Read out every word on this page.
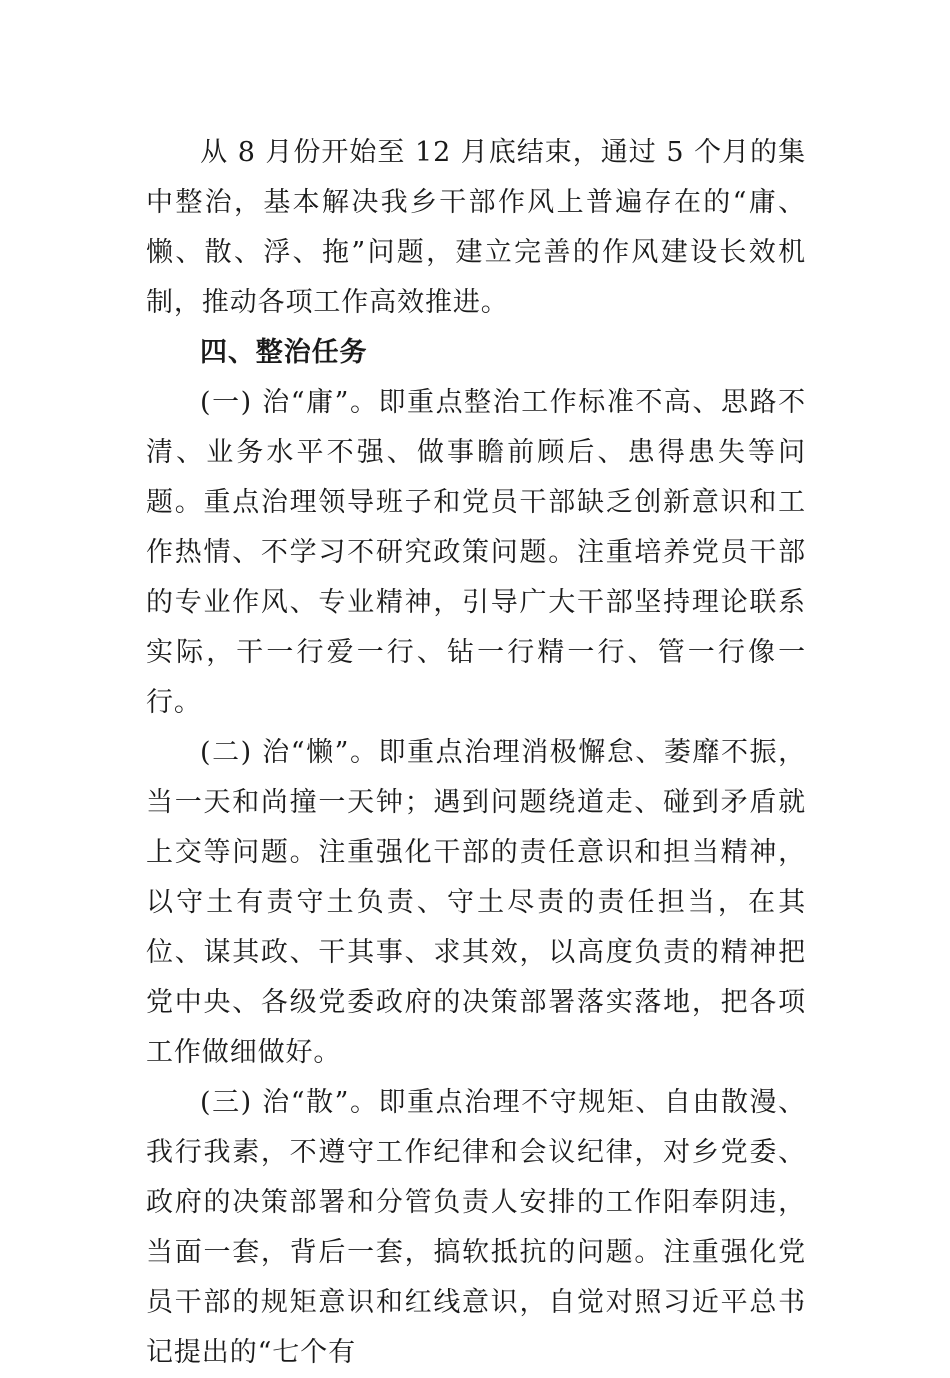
从 8 月份开始至 12 月底结束，通过 5 个月的集中整治，基本解决我乡干部作风上普遍存在的“庸、懒、散、浮、拖”问题，建立完善的作风建设长效机制，推动各项工作高效推进。

四、整治任务

(一) 治“庸”。即重点整治工作标准不高、思路不清、业务水平不强、做事瞻前顾后、患得患失等问题。重点治理领导班子和党员干部缺乏创新意识和工作热情、不学习不研究政策问题。注重培养党员干部的专业作风、专业精神，引导广大干部坚持理论联系实际，干一行爱一行、钻一行精一行、管一行像一行。

(二) 治“懒”。即重点治理消极懈怠、萎靡不振，当一天和尚撞一天钟；遇到问题绕道走、碰到矛盾就上交等问题。注重强化干部的责任意识和担当精神，以守土有责守土负责、守土尽责的责任担当，在其位、谋其政、干其事、求其效，以高度负责的精神把党中央、各级党委政府的决策部署落实落地，把各项工作做细做好。

(三) 治“散”。即重点治理不守规矩、自由散漫、我行我素，不遵守工作纪律和会议纪律，对乡党委、政府的决策部署和分管负责人安排的工作阳奉阴违，当面一套，背后一套，搞软抵抗的问题。注重强化党员干部的规矩意识和红线意识，自觉对照习近平总书记提出的“七个有
